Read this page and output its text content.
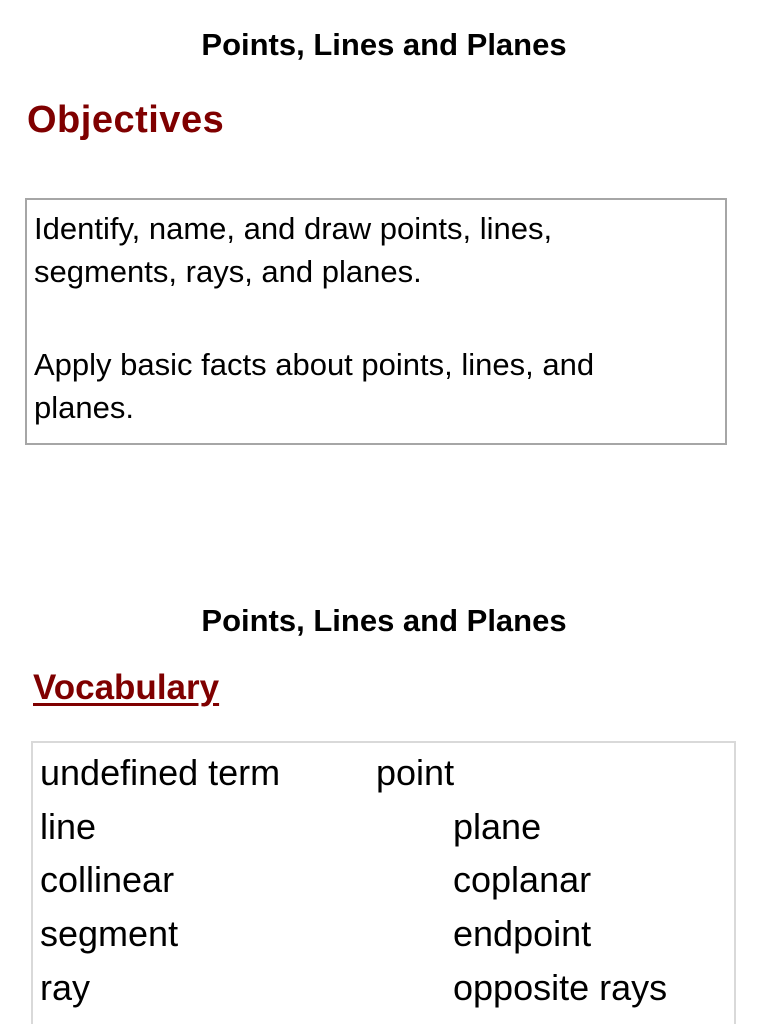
Points, Lines and Planes
Objectives

Identify, name, and draw points, lines, segments, rays, and planes.

Apply basic facts about points, lines, and planes.

Points, Lines and Planes
Vocabulary
undefined term	point
line	plane
collinear	coplanar
segment	endpoint
ray	opposite rays
